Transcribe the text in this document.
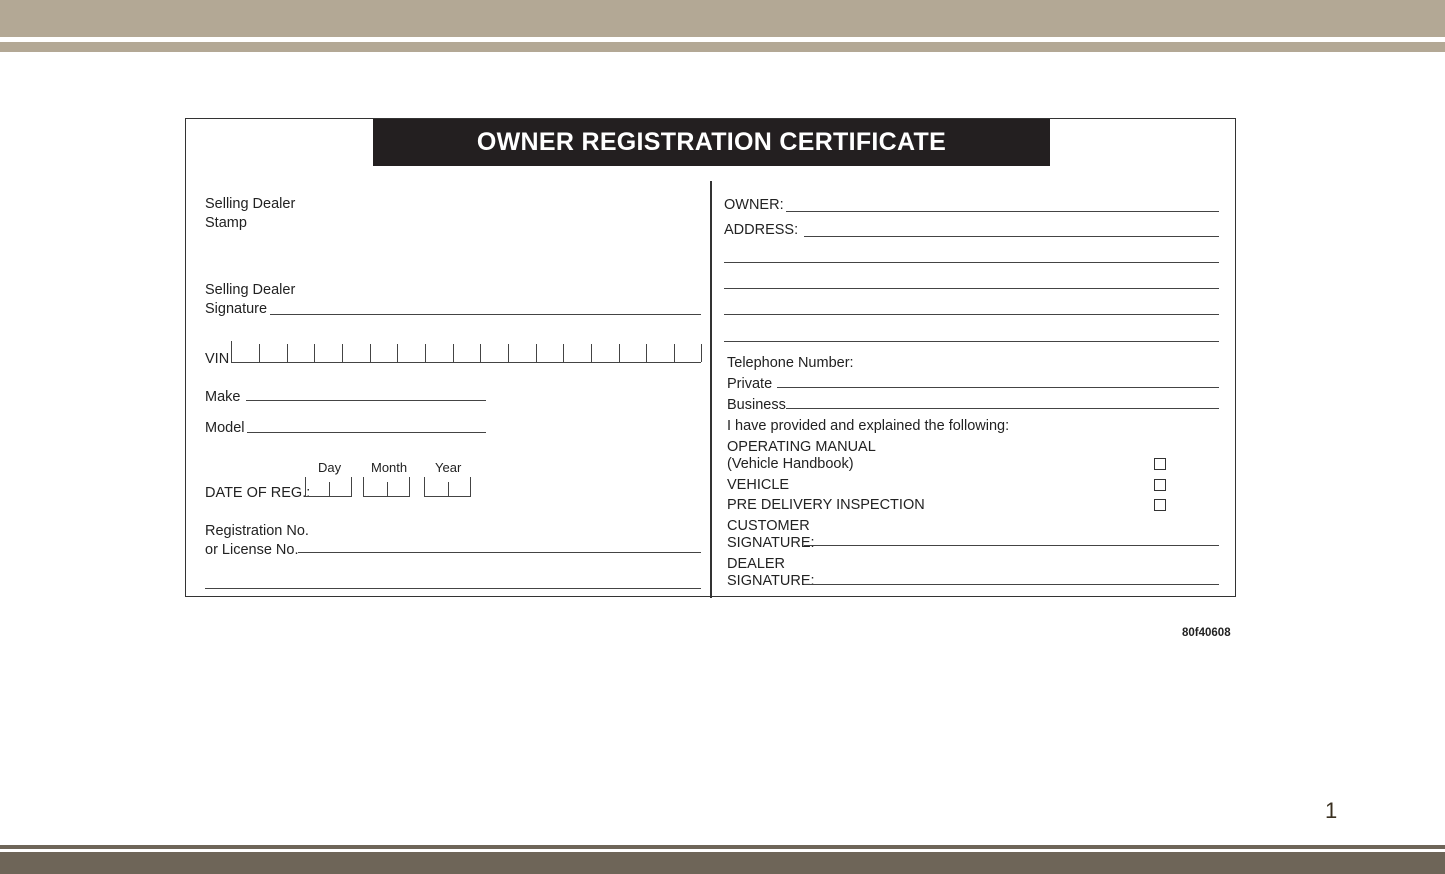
OWNER REGISTRATION CERTIFICATE
Selling Dealer
Stamp
Selling Dealer
Signature
VIN
Make
Model
Day Month Year
DATE OF REG.:
Registration No.
or License No.
OWNER:
ADDRESS:
Telephone Number:
Private
Business
I have provided and explained the following:
OPERATING MANUAL
(Vehicle Handbook)
VEHICLE
PRE DELIVERY INSPECTION
CUSTOMER
SIGNATURE:
DEALER
SIGNATURE:
80f40608
1
